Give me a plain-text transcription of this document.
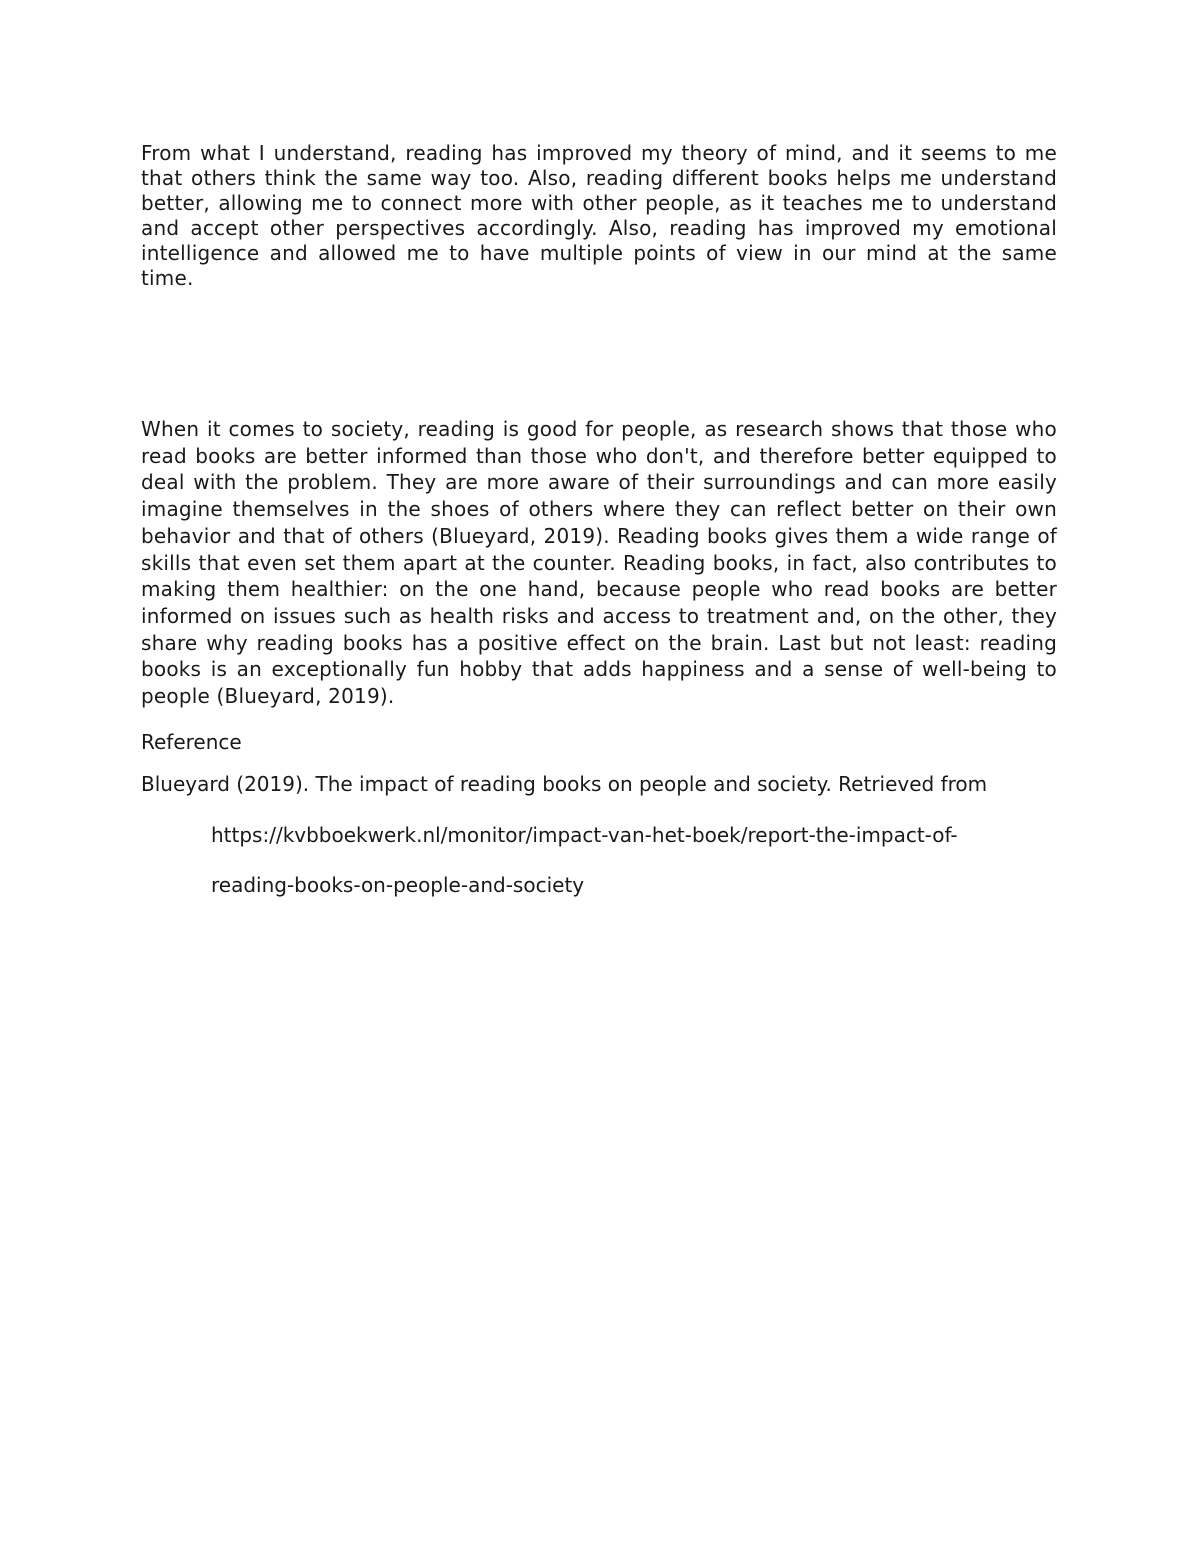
From what I understand, reading has improved my theory of mind, and it seems to me that others think the same way too. Also, reading different books helps me understand better, allowing me to connect more with other people, as it teaches me to understand and accept other perspectives accordingly. Also, reading has improved my emotional intelligence and allowed me to have multiple points of view in our mind at the same time.

When it comes to society, reading is good for people, as research shows that those who read books are better informed than those who don't, and therefore better equipped to deal with the problem. They are more aware of their surroundings and can more easily imagine themselves in the shoes of others where they can reflect better on their own behavior and that of others (Blueyard, 2019). Reading books gives them a wide range of skills that even set them apart at the counter. Reading books, in fact, also contributes to making them healthier: on the one hand, because people who read books are better informed on issues such as health risks and access to treatment and, on the other, they share why reading books has a positive effect on the brain. Last but not least: reading books is an exceptionally fun hobby that adds happiness and a sense of well-being to people (Blueyard, 2019).

Reference

Blueyard (2019). The impact of reading books on people and society. Retrieved from

https://kvbboekwerk.nl/monitor/impact-van-het-boek/report-the-impact-of-

reading-books-on-people-and-society
